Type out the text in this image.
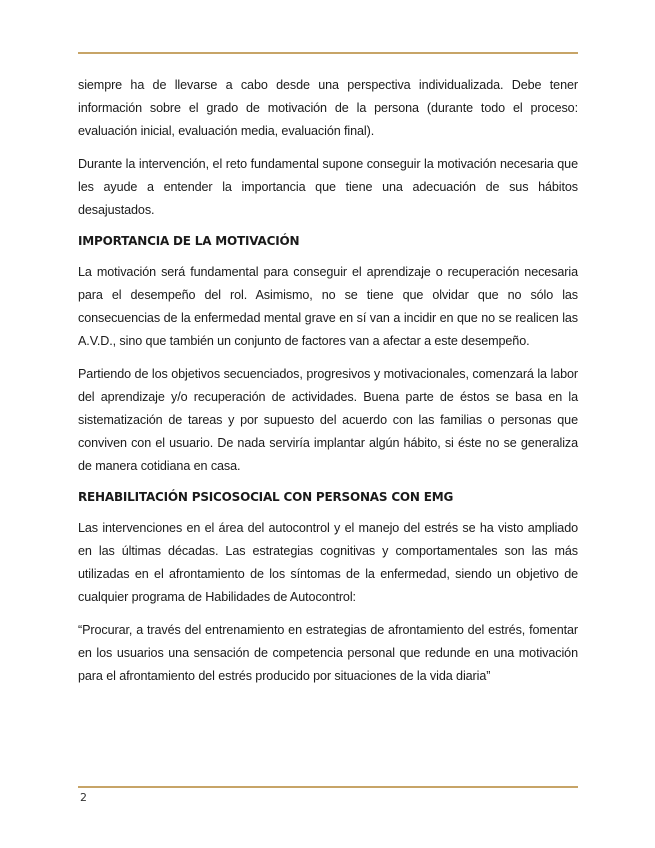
siempre ha de llevarse a cabo desde una perspectiva individualizada. Debe tener información sobre el grado de motivación de la persona (durante todo el proceso: evaluación inicial, evaluación media, evaluación final).

Durante la intervención, el reto fundamental supone conseguir la motivación necesaria que les ayude a entender la importancia que tiene una adecuación de sus hábitos desajustados.

IMPORTANCIA DE LA MOTIVACIÓN

La motivación será fundamental para conseguir el aprendizaje o recuperación necesaria para el desempeño del rol. Asimismo, no se tiene que olvidar que no sólo las consecuencias de la enfermedad mental grave en sí van a incidir en que no se realicen las A.V.D., sino que también un conjunto de factores van a afectar a este desempeño.

Partiendo de los objetivos secuenciados, progresivos y motivacionales, comenzará la labor del aprendizaje y/o recuperación de actividades. Buena parte de éstos se basa en la sistematización de tareas y por supuesto del acuerdo con las familias o personas que conviven con el usuario. De nada serviría implantar algún hábito, si éste no se generaliza de manera cotidiana en casa.

REHABILITACIÓN PSICOSOCIAL CON PERSONAS CON EMG

Las intervenciones en el área del autocontrol y el manejo del estrés se ha visto ampliado en las últimas décadas. Las estrategias cognitivas y comportamentales son las más utilizadas en el afrontamiento de los síntomas de la enfermedad, siendo un objetivo de cualquier programa de Habilidades de Autocontrol:

“Procurar, a través del entrenamiento en estrategias de afrontamiento del estrés, fomentar en los usuarios una sensación de competencia personal que redunde en una motivación para el afrontamiento del estrés producido por situaciones de la vida diaria”

2
